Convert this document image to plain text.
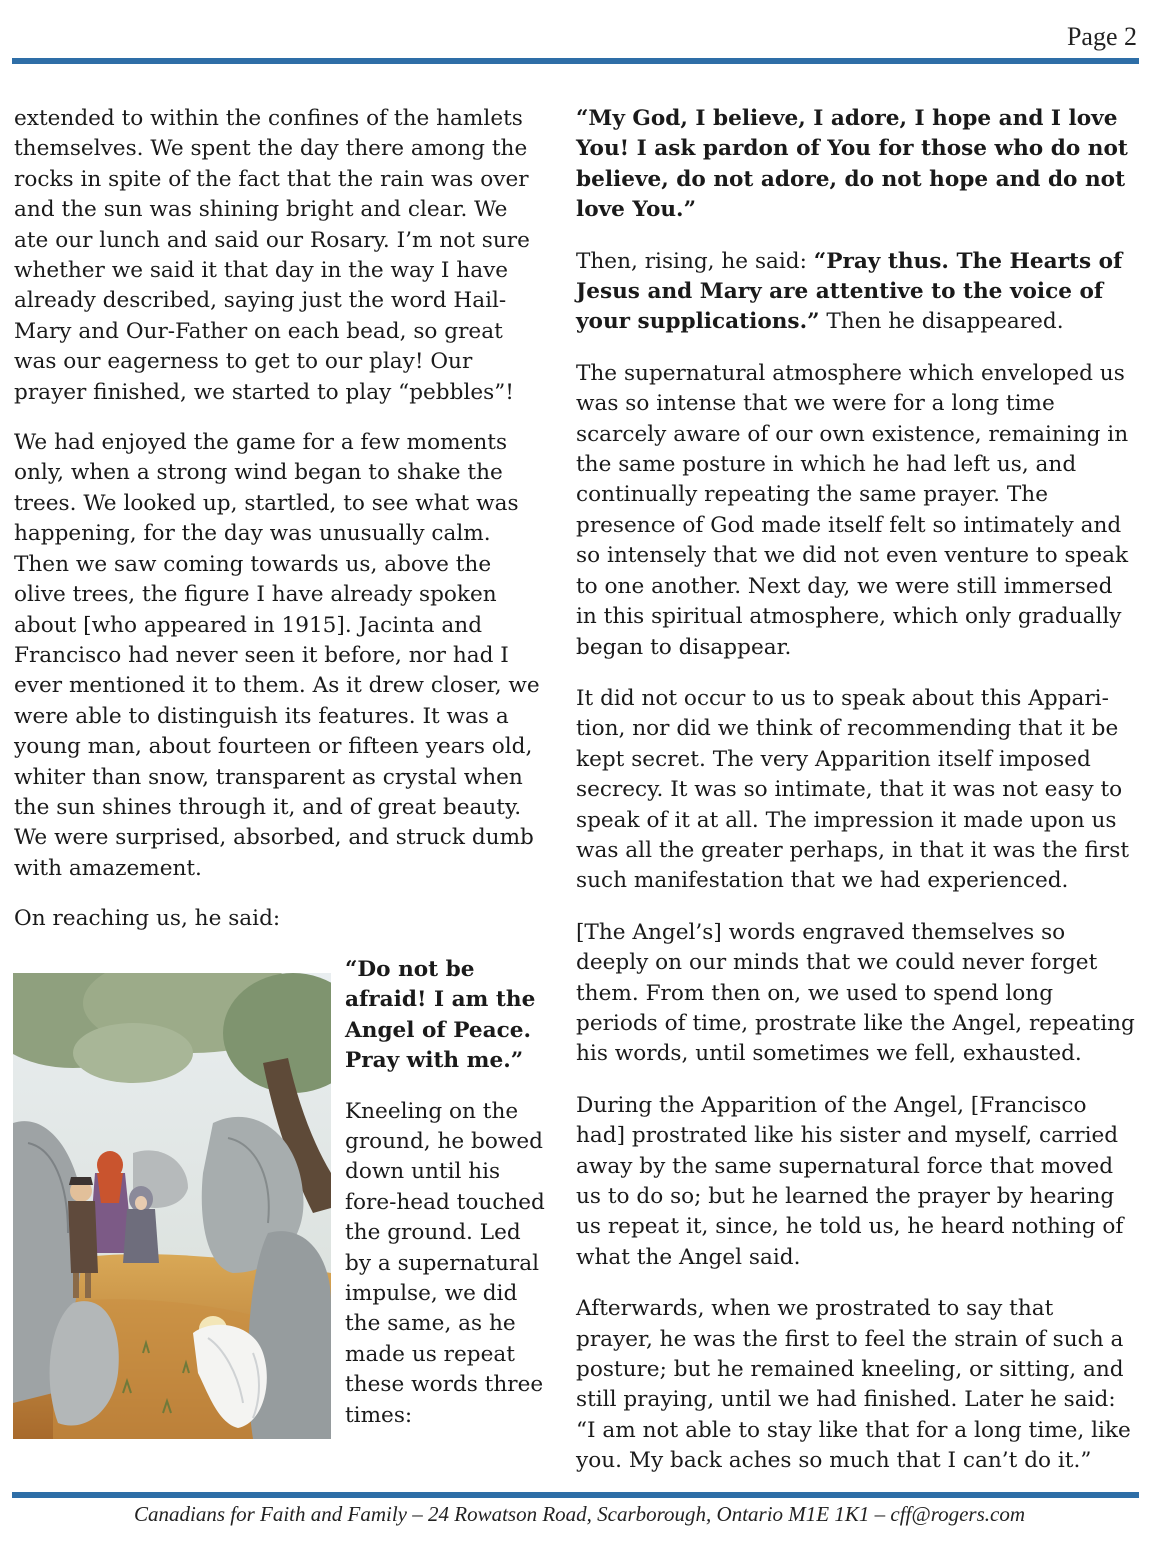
Page 2

extended to within the confines of the hamlets themselves. We spent the day there among the rocks in spite of the fact that the rain was over and the sun was shining bright and clear. We ate our lunch and said our Rosary. I’m not sure whether we said it that day in the way I have already described, saying just the word Hail-Mary and Our-Father on each bead, so great was our eagerness to get to our play! Our prayer finished, we started to play “pebbles”!

We had enjoyed the game for a few moments only, when a strong wind began to shake the trees. We looked up, startled, to see what was happening, for the day was unusually calm. Then we saw coming towards us, above the olive trees, the figure I have already spoken about [who appeared in 1915]. Jacinta and Francisco had never seen it before, nor had I ever mentioned it to them. As it drew closer, we were able to distinguish its features. It was a young man, about fourteen or fifteen years old, whiter than snow, transparent as crystal when the sun shines through it, and of great beauty. We were surprised, absorbed, and struck dumb with amazement.

On reaching us, he said:

“Do not be afraid! I am the Angel of Peace. Pray with me.”

Kneeling on the ground, he bowed down until his fore-head touched the ground. Led by a supernatural impulse, we did the same, as he made us repeat these words three times:

“My God, I believe, I adore, I hope and I love You! I ask pardon of You for those who do not believe, do not adore, do not hope and do not love You.”

Then, rising, he said: “Pray thus. The Hearts of Jesus and Mary are attentive to the voice of your supplications.” Then he disappeared.

The supernatural atmosphere which enveloped us was so intense that we were for a long time scarcely aware of our own existence, remaining in the same posture in which he had left us, and continually repeating the same prayer. The presence of God made itself felt so intimately and so intensely that we did not even venture to speak to one another. Next day, we were still immersed in this spiritual atmosphere, which only gradually began to disappear.

It did not occur to us to speak about this Appari-tion, nor did we think of recommending that it be kept secret. The very Apparition itself imposed secrecy. It was so intimate, that it was not easy to speak of it at all. The impression it made upon us was all the greater perhaps, in that it was the first such manifestation that we had experienced.

[The Angel’s] words engraved themselves so deeply on our minds that we could never forget them. From then on, we used to spend long periods of time, prostrate like the Angel, repeating his words, until sometimes we fell, exhausted.

During the Apparition of the Angel, [Francisco had] prostrated like his sister and myself, carried away by the same supernatural force that moved us to do so; but he learned the prayer by hearing us repeat it, since, he told us, he heard nothing of what the Angel said.

Afterwards, when we prostrated to say that prayer, he was the first to feel the strain of such a posture; but he remained kneeling, or sitting, and still praying, until we had finished. Later he said: “I am not able to stay like that for a long time, like you. My back aches so much that I can’t do it.”

Canadians for Faith and Family – 24 Rowatson Road, Scarborough, Ontario M1E 1K1 – cff@rogers.com
